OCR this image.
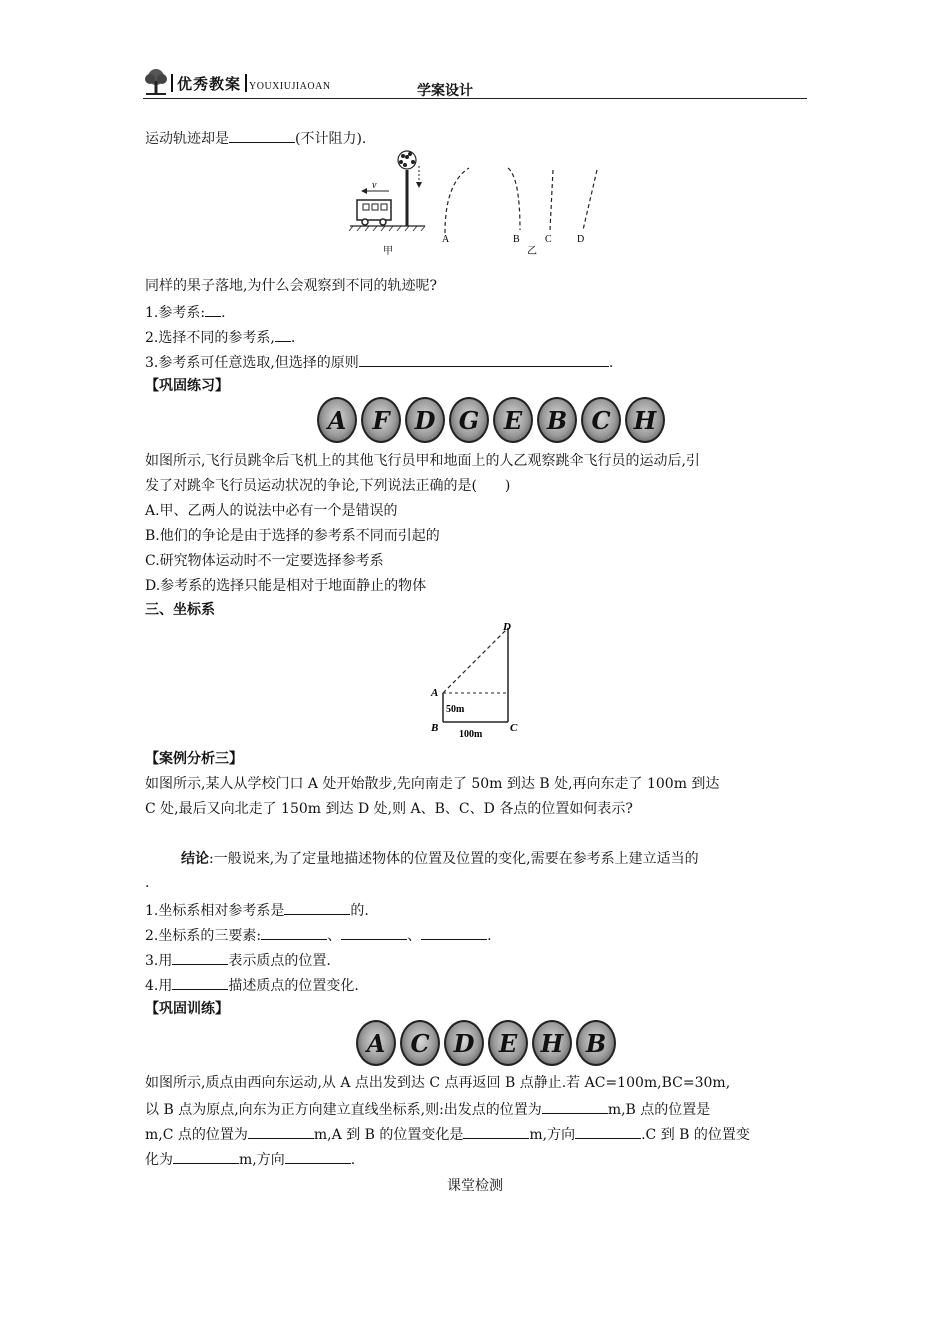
优秀教案 YOUXIUJIAOAN	学案设计
运动轨迹却是	(不计阻力).
v
甲
A	B	C	D
乙
同样的果子落地,为什么会观察到不同的轨迹呢?
1.参考系: .
2.选择不同的参考系, .
3.参考系可任意选取,但选择的原则	.
【巩固练习】
A	F	D G	E	B	C H
如图所示,飞行员跳伞后飞机上的其他飞行员甲和地面上的人乙观察跳伞飞行员的运动后,引
发了对跳伞飞行员运动状况的争论,下列说法正确的是(　　)
A.甲、乙两人的说法中必有一个是错误的
B.他们的争论是由于选择的参考系不同而引起的
C.研究物体运动时不一定要选择参考系
D.参考系的选择只能是相对于地面静止的物体
三、坐标系
D
A
B	C
50m
100m
【案例分析三】
如图所示,某人从学校门口 A 处开始散步,先向南走了 50m 到达 B 处,再向东走了 100m 到达
C 处,最后又向北走了 150m 到达 D 处,则 A、B、C、D 各点的位置如何表示?
结论:一般说来,为了定量地描述物体的位置及位置的变化,需要在参考系上建立适当的
.
1.坐标系相对参考系是	的.
2.坐标系的三要素:	、	、	.
3.用	表示质点的位置.
4.用	描述质点的位置变化.
【巩固训练】
A	C	D	E H B
如图所示,质点由西向东运动,从 A 点出发到达 C 点再返回 B 点静止.若 AC=100m,BC=30m,
以 B 点为原点,向东为正方向建立直线坐标系,则:出发点的位置为	m,B 点的位置是
m,C 点的位置为	m,A 到 B 的位置变化是	m,方向	.C 到 B 的位置变
化为	m,方向	.
课堂检测
